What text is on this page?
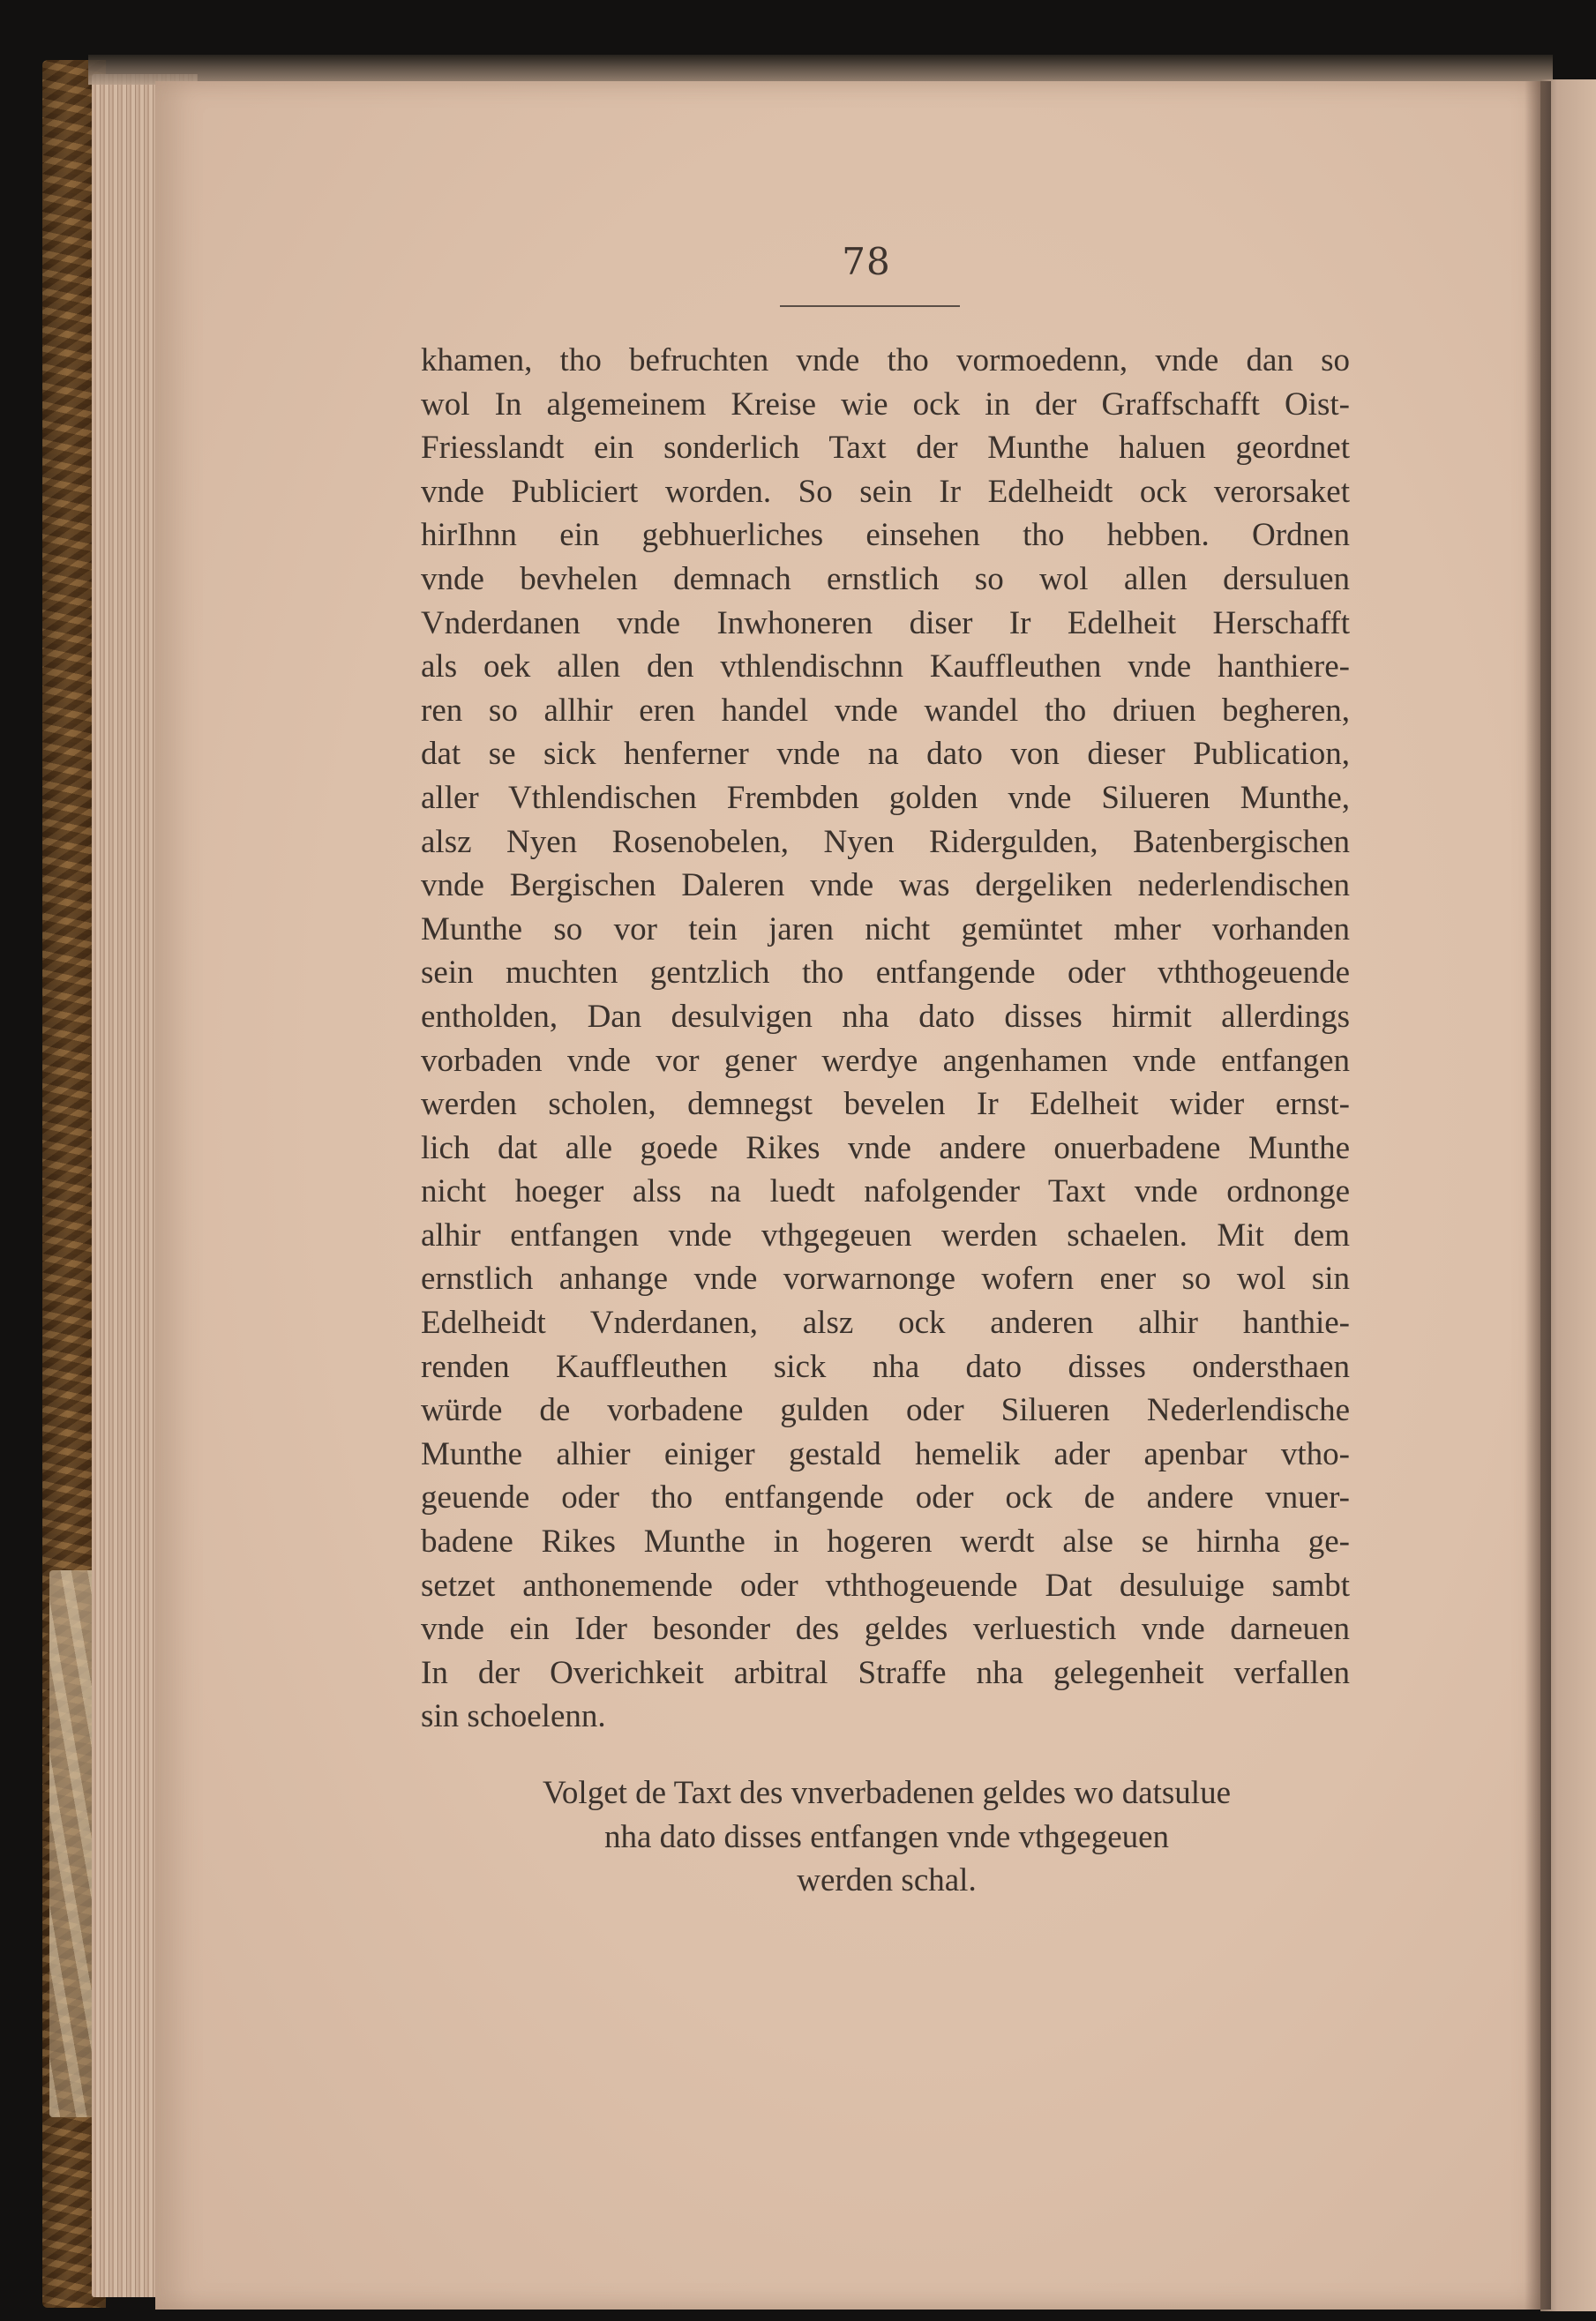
78
khamen, tho befruchten vnde tho vormoedenn, vnde dan so
wol In algemeinem Kreise wie ock in der Graffschafft Oist-
Friesslandt ein sonderlich Taxt der Munthe haluen geordnet
vnde Publiciert worden. So sein Ir Edelheidt ock verorsaket
hirIhnn ein gebhuerliches einsehen tho hebben. Ordnen
vnde bevhelen demnach ernstlich so wol allen dersuluen
Vnderdanen vnde Inwhoneren diser Ir Edelheit Herschafft
als oek allen den vthlendischnn Kauffleuthen vnde hanthiere-
ren so allhir eren handel vnde wandel tho driuen begheren,
dat se sick henferner vnde na dato von dieser Publication,
aller Vthlendischen Frembden golden vnde Silueren Munthe,
alsz Nyen Rosenobelen, Nyen Ridergulden, Batenbergischen
vnde Bergischen Daleren vnde was dergeliken nederlendischen
Munthe so vor tein jaren nicht gemüntet mher vorhanden
sein muchten gentzlich tho entfangende oder vththogeuende
entholden, Dan desulvigen nha dato disses hirmit allerdings
vorbaden vnde vor gener werdye angenhamen vnde entfangen
werden scholen, demnegst bevelen Ir Edelheit wider ernst-
lich dat alle goede Rikes vnde andere onuerbadene Munthe
nicht hoeger alss na luedt nafolgender Taxt vnde ordnonge
alhir entfangen vnde vthgegeuen werden schaelen. Mit dem
ernstlich anhange vnde vorwarnonge wofern ener so wol sin
Edelheidt Vnderdanen, alsz ock anderen alhir hanthie-
renden Kauffleuthen sick nha dato disses ondersthaen
würde de vorbadene gulden oder Silueren Nederlendische
Munthe alhier einiger gestald hemelik ader apenbar vtho-
geuende oder tho entfangende oder ock de andere vnuer-
badene Rikes Munthe in hogeren werdt alse se hirnha ge-
setzet anthonemende oder vththogeuende Dat desuluige sambt
vnde ein Ider besonder des geldes verluestich vnde darneuen
In der Overichkeit arbitral Straffe nha gelegenheit verfallen
sin schoelenn.
Volget de Taxt des vnverbadenen geldes wo datsulue
nha dato disses entfangen vnde vthgegeuen
werden schal.
